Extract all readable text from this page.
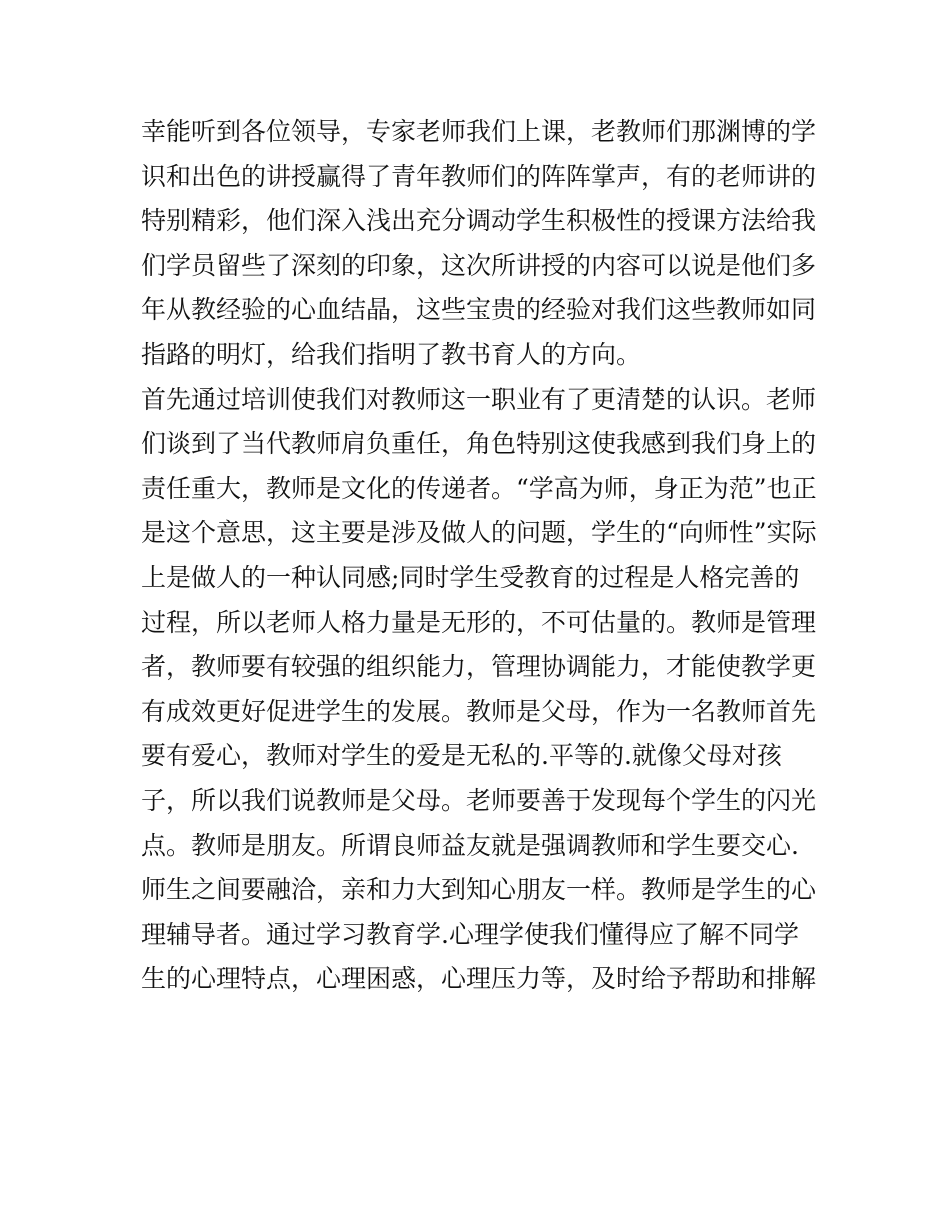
幸能听到各位领导，专家老师我们上课，老教师们那渊博的学
识和出色的讲授赢得了青年教师们的阵阵掌声，有的老师讲的
特别精彩，他们深入浅出充分调动学生积极性的授课方法给我
们学员留些了深刻的印象，这次所讲授的内容可以说是他们多
年从教经验的心血结晶，这些宝贵的经验对我们这些教师如同
指路的明灯，给我们指明了教书育人的方向。
首先通过培训使我们对教师这一职业有了更清楚的认识。老师
们谈到了当代教师肩负重任，角色特别这使我感到我们身上的
责任重大，教师是文化的传递者。“学高为师，身正为范”也正
是这个意思，这主要是涉及做人的问题，学生的“向师性”实际
上是做人的一种认同感;同时学生受教育的过程是人格完善的
过程，所以老师人格力量是无形的，不可估量的。教师是管理
者，教师要有较强的组织能力，管理协调能力，才能使教学更
有成效更好促进学生的发展。教师是父母，作为一名教师首先
要有爱心，教师对学生的爱是无私的.平等的.就像父母对孩
子，所以我们说教师是父母。老师要善于发现每个学生的闪光
点。教师是朋友。所谓良师益友就是强调教师和学生要交心.
师生之间要融洽，亲和力大到知心朋友一样。教师是学生的心
理辅导者。通过学习教育学.心理学使我们懂得应了解不同学
生的心理特点，心理困惑，心理压力等，及时给予帮助和排解
